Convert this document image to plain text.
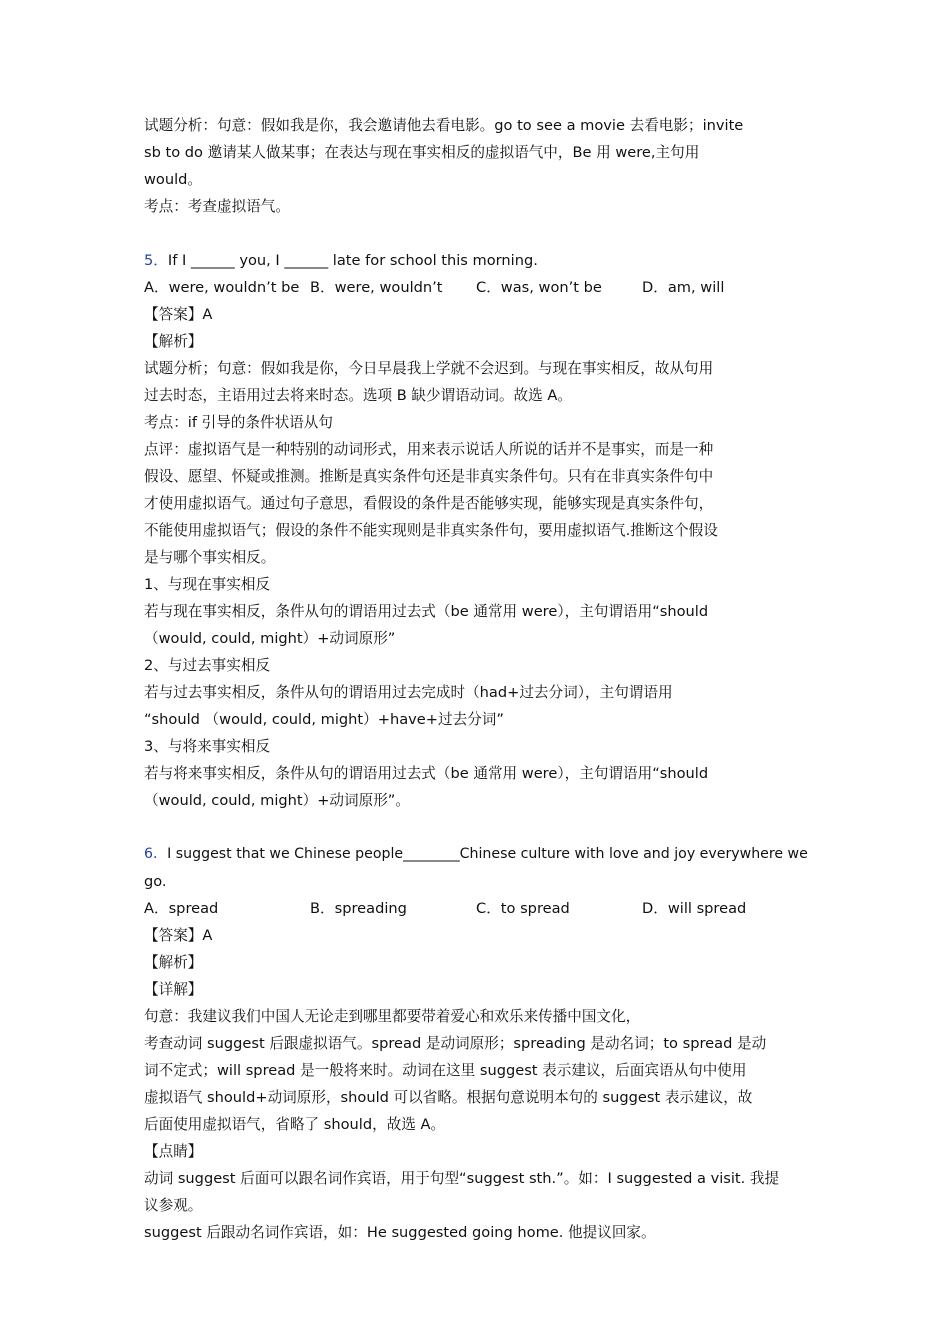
试题分析：句意：假如我是你，我会邀请他去看电影。go to see a movie 去看电影；invite
sb to do 邀请某人做某事；在表达与现在事实相反的虚拟语气中，Be 用 were,主句用
would。
考点：考查虚拟语气。
5．If I ______ you, I ______ late for school this morning.
A．were, wouldn’t be B．were, wouldn’t	C．was, won’t be	D．am, will
【答案】A
【解析】
试题分析；句意：假如我是你，今日早晨我上学就不会迟到。与现在事实相反，故从句用
过去时态，主语用过去将来时态。选项 B 缺少谓语动词。故选 A。
考点：if 引导的条件状语从句
点评：虚拟语气是一种特别的动词形式，用来表示说话人所说的话并不是事实，而是一种
假设、愿望、怀疑或推测。推断是真实条件句还是非真实条件句。只有在非真实条件句中
才使用虚拟语气。通过句子意思，看假设的条件是否能够实现，能够实现是真实条件句，
不能使用虚拟语气；假设的条件不能实现则是非真实条件句，要用虚拟语气.推断这个假设
是与哪个事实相反。
1、与现在事实相反
若与现在事实相反，条件从句的谓语用过去式（be 通常用 were），主句谓语用“should
（would, could, might）+动词原形”
2、与过去事实相反
若与过去事实相反，条件从句的谓语用过去完成时（had+过去分词），主句谓语用
“should （would, could, might）+have+过去分词”
3、与将来事实相反
若与将来事实相反，条件从句的谓语用过去式（be 通常用 were），主句谓语用“should
（would, could, might）+动词原形”。
6．I suggest that we Chinese people________Chinese culture with love and joy everywhere we
go.
A．spread	B．spreading	C．to spread	D．will spread
【答案】A
【解析】
【详解】
句意：我建议我们中国人无论走到哪里都要带着爱心和欢乐来传播中国文化，
考查动词 suggest 后跟虚拟语气。spread 是动词原形；spreading 是动名词；to spread 是动
词不定式；will spread 是一般将来时。动词在这里 suggest 表示建议，后面宾语从句中使用
虚拟语气 should+动词原形，should 可以省略。根据句意说明本句的 suggest 表示建议，故
后面使用虚拟语气，省略了 should，故选 A。
【点睛】
动词 suggest 后面可以跟名词作宾语，用于句型“suggest sth.”。如：I suggested a visit. 我提
议参观。
suggest 后跟动名词作宾语，如：He suggested going home. 他提议回家。
